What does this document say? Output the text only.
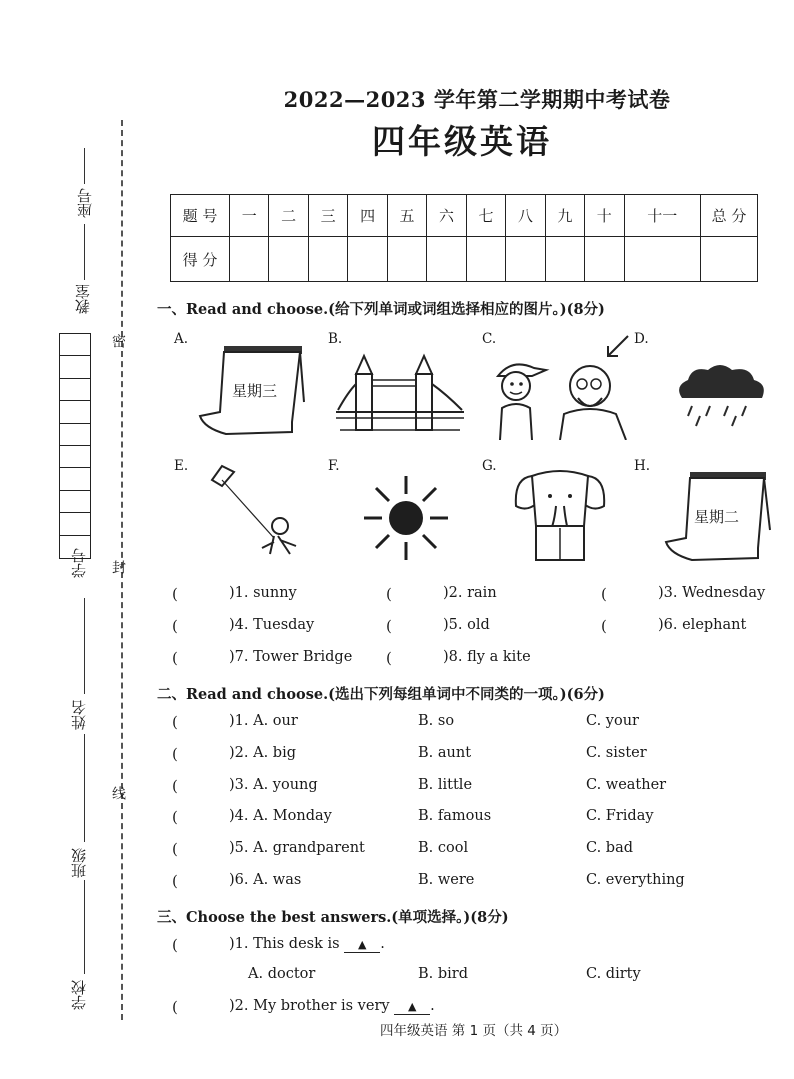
座号
教室
学号
姓名
班级
学校
密
封
线
2022—2023 学年第二学期期中考试卷
四年级英语
题 号	一	二	三	四	五	六	七	八	九	十	十一	总 分
得 分												
一、Read and choose.(给下列单词或词组选择相应的图片。)(8分)
A.	B.	C.	D.
E.	F.	G.	H.
星期三
星期二
(	)1. sunny	(	)2. rain	(	)3. Wednesday
(	)4. Tuesday	(	)5. old	(	)6. elephant
(	)7. Tower Bridge (	)8. fly a kite
二、Read and choose.(选出下列每组单词中不同类的一项。)(6分)
(	)1. A. our	B. so	C. your
(	)2. A. big	B. aunt	C. sister
(	)3. A. young	B. little	C. weather
(	)4. A. Monday	B. famous	C. Friday
(	)5. A. grandparent	B. cool	C. bad
(	)6. A. was	B. were	C. everything
三、Choose the best answers.(单项选择。)(8分)
(	)1. This desk is ▲ .
A. doctor	B. bird	C. dirty
(	)2. My brother is very ▲ .
四年级英语 第 1 页（共 4 页）
